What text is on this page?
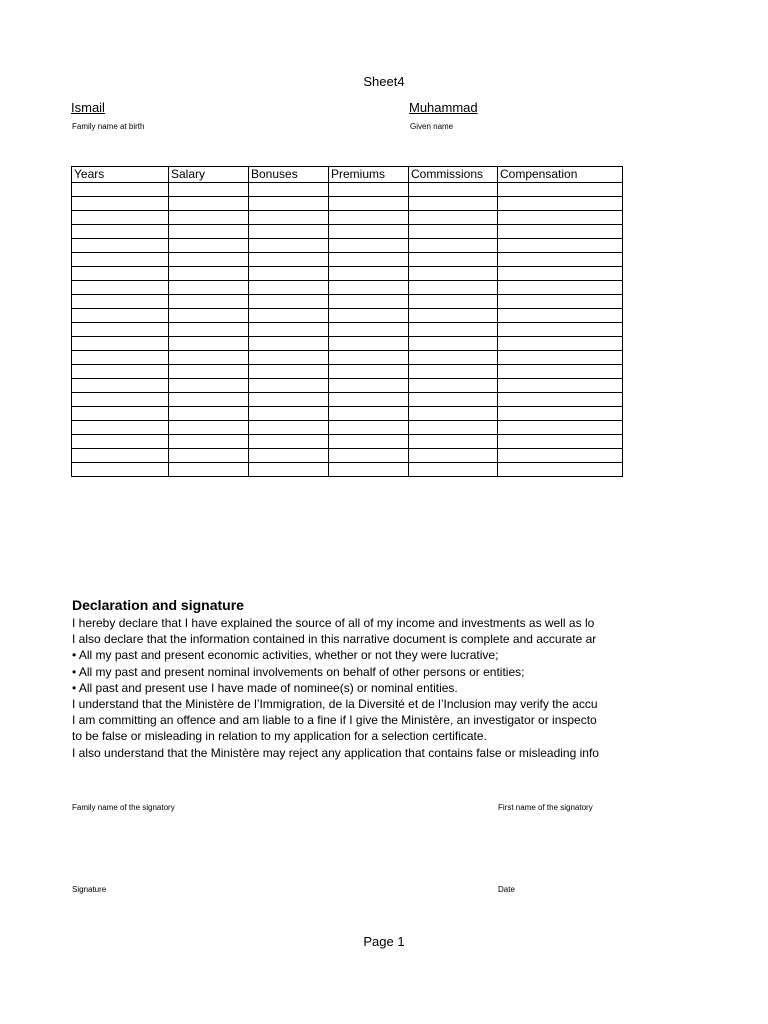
Sheet4
Ismail
Family name at birth
Muhammad
Given name
Years	Salary	Bonuses	Premiums	Commissions	Compensation

Declaration and signature
I hereby declare that I have explained the source of all of my income and investments as well as lo
I also declare that the information contained in this narrative document is complete and accurate ar
• All my past and present economic activities, whether or not they were lucrative;
• All my past and present nominal involvements on behalf of other persons or entities;
• All past and present use I have made of nominee(s) or nominal entities.
I understand that the Ministère de l’Immigration, de la Diversité et de l’Inclusion may verify the accu
I am committing an offence and am liable to a fine if I give the Ministère, an investigator or inspecto
to be false or misleading in relation to my application for a selection certificate.
I also understand that the Ministère may reject any application that contains false or misleading info
Family name of the signatory	First name of the signatory
Signature	Date
Page 1
